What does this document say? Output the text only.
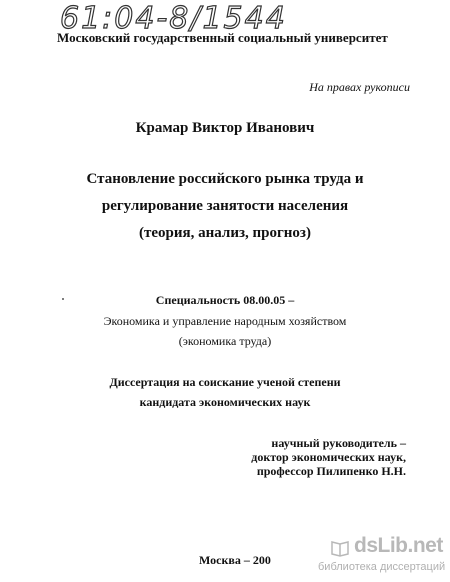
61:04-8/1544
Московский государственный социальный университет
На правах рукописи
Крамар Виктор Иванович
Становление российского рынка труда и
регулирование занятости населения
(теория, анализ, прогноз)
Специальность 08.00.05 –
Экономика и управление народным хозяйством
(экономика труда)
Диссертация на соискание ученой степени
кандидата экономических наук
научный руководитель –
доктор экономических наук,
профессор Пилипенко Н.Н.
Москва – 200
dsLib.net
библиотека диссертаций
